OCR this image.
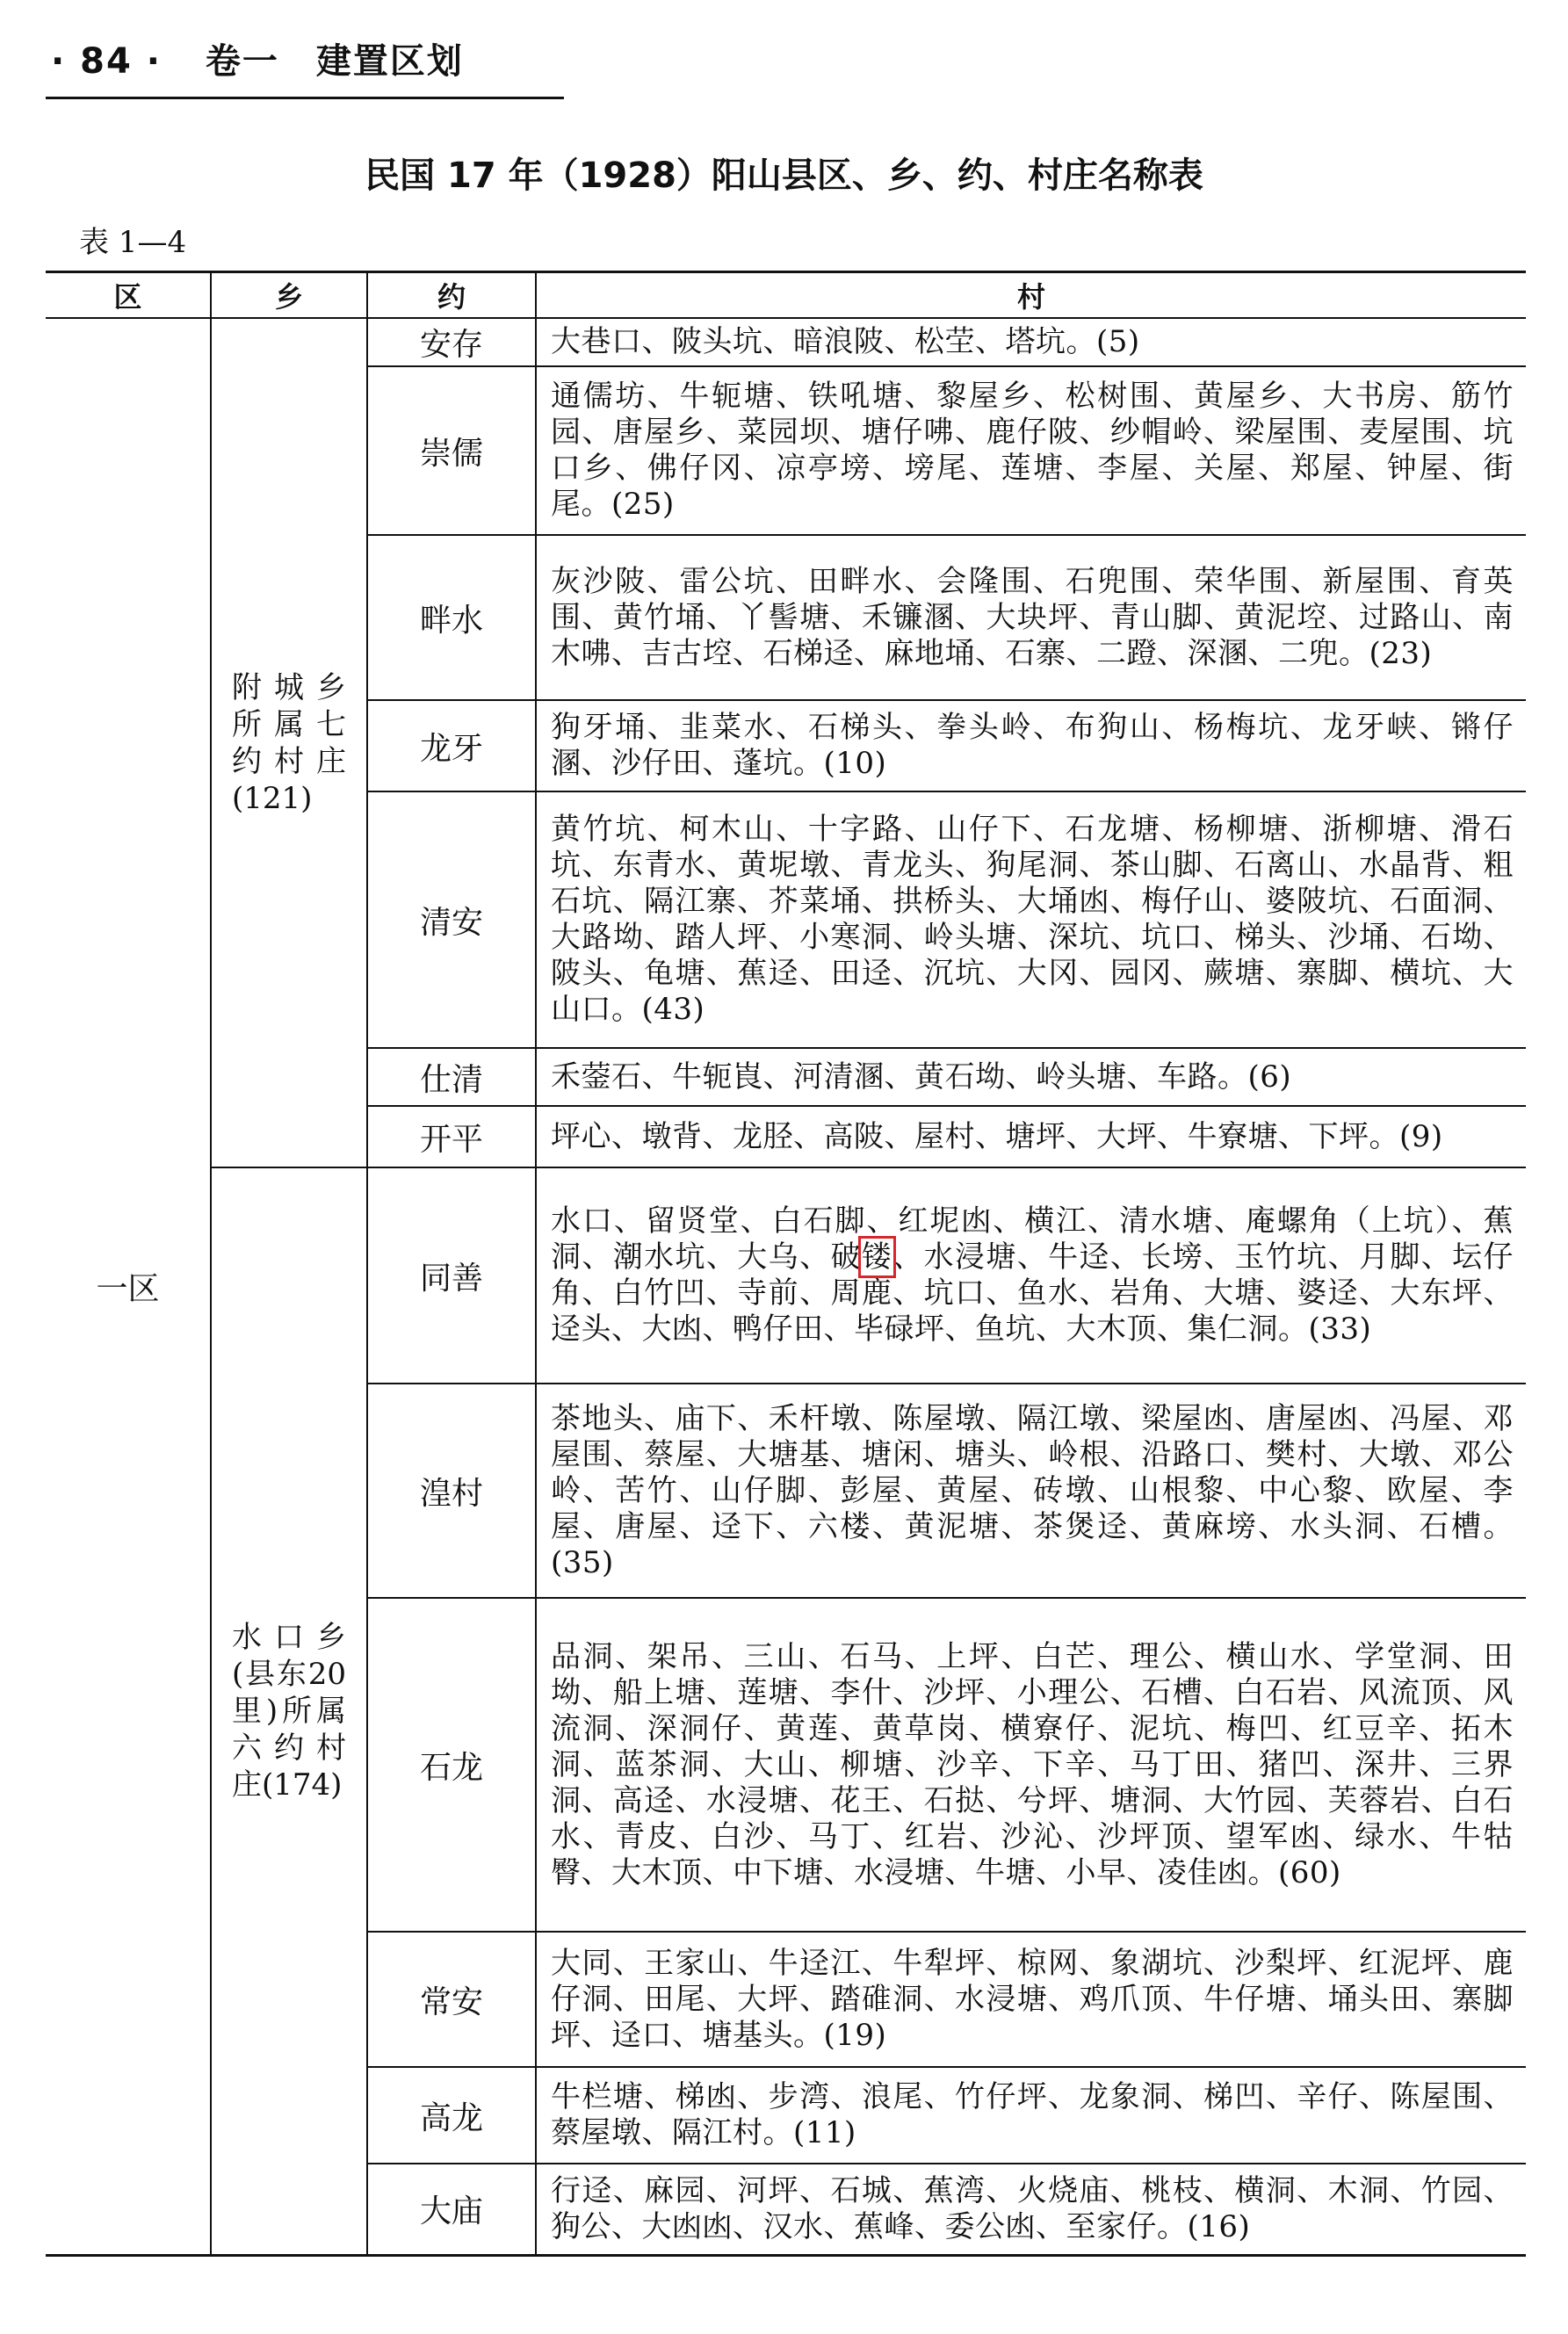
· 84 · 卷一　建置区划
民国 17 年（1928）阳山县区、乡、约、村庄名称表
表 1—4
区	乡	约	村
一区	附城乡所属七约村庄(121)	安存	大巷口、陂头坑、暗浪陂、松茔、塔坑。(5)
		崇儒	通儒坊、牛轭塘、铁吼塘、黎屋乡、松树围、黄屋乡、大书房、筋竹园、唐屋乡、菜园坝、塘仔咈、鹿仔陂、纱帽岭、梁屋围、麦屋围、坑口乡、佛仔冈、凉亭塝、塝尾、莲塘、李屋、关屋、郑屋、钟屋、街尾。(25)
		畔水	灰沙陂、雷公坑、田畔水、会隆围、石兜围、荣华围、新屋围、育英围、黄竹埇、丫髻塘、禾镰溷、大块坪、青山脚、黄泥埪、过路山、南木咈、吉古埪、石梯迳、麻地埇、石寨、二蹬、深溷、二兜。(23)
		龙牙	狗牙埇、韭菜水、石梯头、拳头岭、布狗山、杨梅坑、龙牙峡、锵仔溷、沙仔田、蓬坑。(10)
		清安	黄竹坑、柯木山、十字路、山仔下、石龙塘、杨柳塘、浙柳塘、滑石坑、东青水、黄坭墩、青龙头、狗尾洞、茶山脚、石离山、水晶背、粗石坑、隔江寨、芥菜埇、拱桥头、大埇凼、梅仔山、婆陂坑、石面洞、大路坳、踏人坪、小寒洞、岭头塘、深坑、坑口、梯头、沙埇、石坳、陂头、龟塘、蕉迳、田迳、沉坑、大冈、园冈、蕨塘、寨脚、横坑、大山口。(43)
		仕清	禾蓥石、牛轭崀、河清溷、黄石坳、岭头塘、车路。(6)
		开平	坪心、墩背、龙胫、高陂、屋村、塘坪、大坪、牛寮塘、下坪。(9)

	水口乡(县东20里)所属六约村庄(174)	同善	水口、留贤堂、白石脚、红坭凼、横江、清水塘、庵螺角（上坑）、蕉洞、潮水坑、大乌、破镂、水浸塘、牛迳、长塝、玉竹坑、月脚、坛仔角、白竹凹、寺前、周鹿、坑口、鱼水、岩角、大塘、婆迳、大东坪、迳头、大凼、鸭仔田、毕碌坪、鱼坑、大木顶、集仁洞。(33)
		湟村	茶地头、庙下、禾杆墩、陈屋墩、隔江墩、梁屋凼、唐屋凼、冯屋、邓屋围、蔡屋、大塘基、塘闲、塘头、岭根、沿路口、樊村、大墩、邓公岭、苦竹、山仔脚、彭屋、黄屋、砖墩、山根黎、中心黎、欧屋、李屋、唐屋、迳下、六楼、黄泥塘、茶煲迳、黄麻塝、水头洞、石槽。(35)
		石龙	品洞、架吊、三山、石马、上坪、白芒、理公、横山水、学堂洞、田坳、船上塘、莲塘、李什、沙坪、小理公、石槽、白石岩、风流顶、风流洞、深洞仔、黄莲、黄草岗、横寮仔、泥坑、梅凹、红豆辛、拓木洞、蓝茶洞、大山、柳塘、沙辛、下辛、马丁田、猪凹、深井、三界洞、高迳、水浸塘、花王、石挞、兮坪、塘洞、大竹园、芙蓉岩、白石水、青皮、白沙、马丁、红岩、沙沁、沙坪顶、望军凼、绿水、牛牯臀、大木顶、中下塘、水浸塘、牛塘、小早、凌佳凼。(60)
		常安	大同、王家山、牛迳江、牛犁坪、椋网、象湖坑、沙梨坪、红泥坪、鹿仔洞、田尾、大坪、踏碓洞、水浸塘、鸡爪顶、牛仔塘、埇头田、寨脚坪、迳口、塘基头。(19)
		高龙	牛栏塘、梯凼、步湾、浪尾、竹仔坪、龙象洞、梯凹、辛仔、陈屋围、蔡屋墩、隔江村。(11)
		大庙	行迳、麻园、河坪、石城、蕉湾、火烧庙、桃枝、横洞、木洞、竹园、狗公、大凼凼、汉水、蕉峰、委公凼、至家仔。(16)
